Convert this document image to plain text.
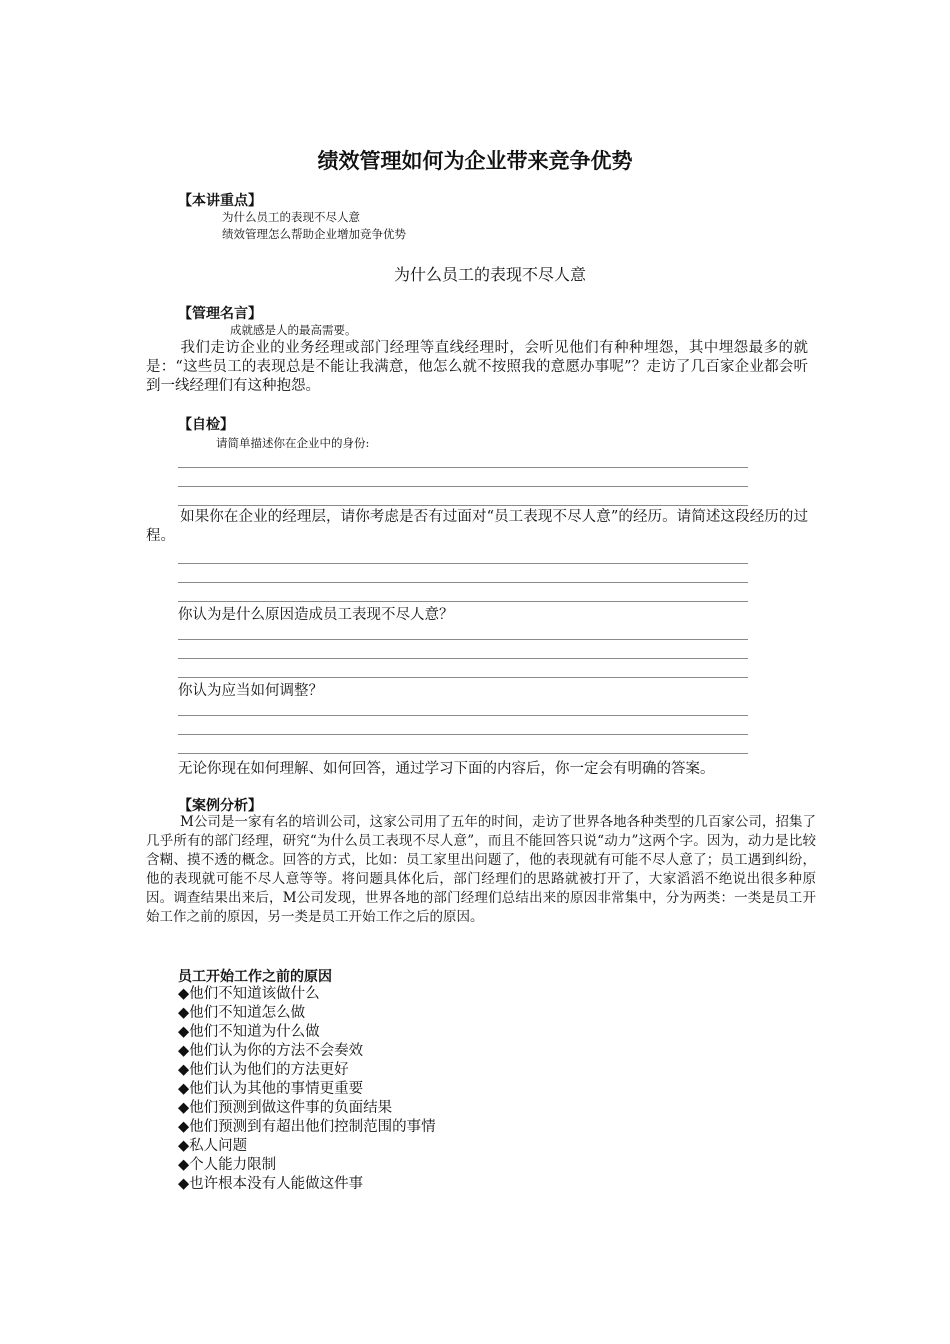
绩效管理如何为企业带来竞争优势
【本讲重点】
为什么员工的表现不尽人意
绩效管理怎么帮助企业增加竞争优势
为什么员工的表现不尽人意
【管理名言】
成就感是人的最高需要。
我们走访企业的业务经理或部门经理等直线经理时，会听见他们有种种埋怨，其中埋怨最多的就是：“这些员工的表现总是不能让我满意，他怎么就不按照我的意愿办事呢”？走访了几百家企业都会听到一线经理们有这种抱怨。
【自检】
请简单描述你在企业中的身份:
如果你在企业的经理层，请你考虑是否有过面对“员工表现不尽人意”的经历。请简述这段经历的过程。
你认为是什么原因造成员工表现不尽人意？
你认为应当如何调整？
无论你现在如何理解、如何回答，通过学习下面的内容后，你一定会有明确的答案。
【案例分析】
M公司是一家有名的培训公司，这家公司用了五年的时间，走访了世界各地各种类型的几百家公司，招集了几乎所有的部门经理，研究“为什么员工表现不尽人意”，而且不能回答只说“动力”这两个字。因为，动力是比较含糊、摸不透的概念。回答的方式，比如：员工家里出问题了，他的表现就有可能不尽人意了；员工遇到纠纷，他的表现就可能不尽人意等等。将问题具体化后，部门经理们的思路就被打开了，大家滔滔不绝说出很多种原因。调查结果出来后，M公司发现，世界各地的部门经理们总结出来的原因非常集中，分为两类：一类是员工开始工作之前的原因，另一类是员工开始工作之后的原因。
员工开始工作之前的原因
◆他们不知道该做什么
◆他们不知道怎么做
◆他们不知道为什么做
◆他们认为你的方法不会奏效
◆他们认为他们的方法更好
◆他们认为其他的事情更重要
◆他们预测到做这件事的负面结果
◆他们预测到有超出他们控制范围的事情
◆私人问题
◆个人能力限制
◆也许根本没有人能做这件事
